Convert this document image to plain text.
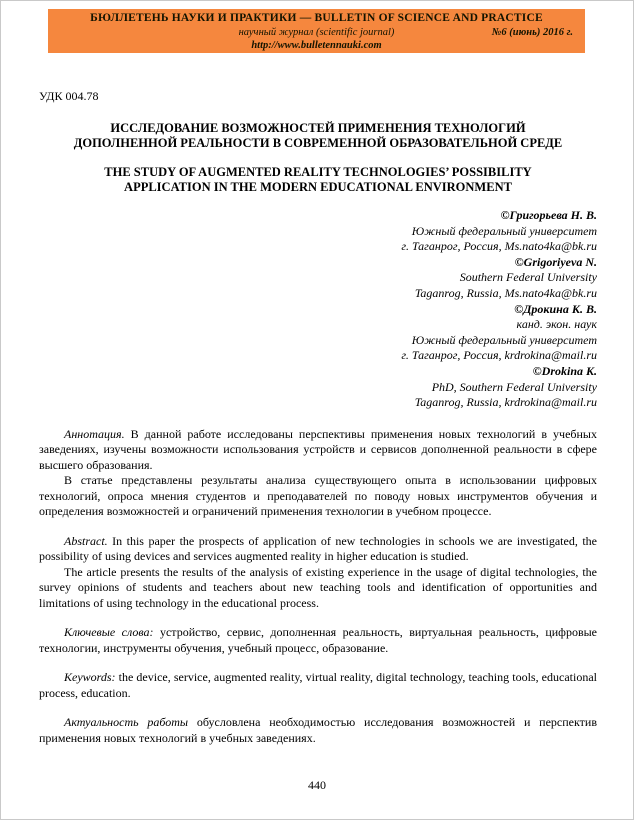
БЮЛЛЕТЕНЬ НАУКИ И ПРАКТИКИ — BULLETIN OF SCIENCE AND PRACTICE
научный журнал (scientific journal)	№6 (июнь) 2016 г.
http://www.bulletennauki.com
УДК 004.78
ИССЛЕДОВАНИЕ ВОЗМОЖНОСТЕЙ ПРИМЕНЕНИЯ ТЕХНОЛОГИЙ
ДОПОЛНЕННОЙ РЕАЛЬНОСТИ В СОВРЕМЕННОЙ ОБРАЗОВАТЕЛЬНОЙ СРЕДЕ
THE STUDY OF AUGMENTED REALITY TECHNOLOGIES’ POSSIBILITY
APPLICATION IN THE MODERN EDUCATIONAL ENVIRONMENT
©Григорьева Н. В.
Южный федеральный университет
г. Таганрог, Россия, Ms.nato4ka@bk.ru
©Grigoriyeva N.
Southern Federal University
Taganrog, Russia, Ms.nato4ka@bk.ru
©Дрокина К. В.
канд. экон. наук
Южный федеральный университет
г. Таганрог, Россия, krdrokina@mail.ru
©Drokina K.
PhD, Southern Federal University
Taganrog, Russia, krdrokina@mail.ru

Аннотация. В данной работе исследованы перспективы применения новых технологий в учебных заведениях, изучены возможности использования устройств и сервисов дополненной реальности в сфере высшего образования.

В статье представлены результаты анализа существующего опыта в использовании цифровых технологий, опроса мнения студентов и преподавателей по поводу новых инструментов обучения и определения возможностей и ограничений применения технологии в учебном процессе.

Abstract. In this paper the prospects of application of new technologies in schools we are investigated, the possibility of using devices and services augmented reality in higher education is studied.

The article presents the results of the analysis of existing experience in the usage of digital technologies, the survey opinions of students and teachers about new teaching tools and identification of opportunities and limitations of using technology in the educational process.

Ключевые слова: устройство, сервис, дополненная реальность, виртуальная реальность, цифровые технологии, инструменты обучения, учебный процесс, образование.

Keywords: the device, service, augmented reality, virtual reality, digital technology, teaching tools, educational process, education.

Актуальность работы обусловлена необходимостью исследования возможностей и перспектив применения новых технологий в учебных заведениях.

440
